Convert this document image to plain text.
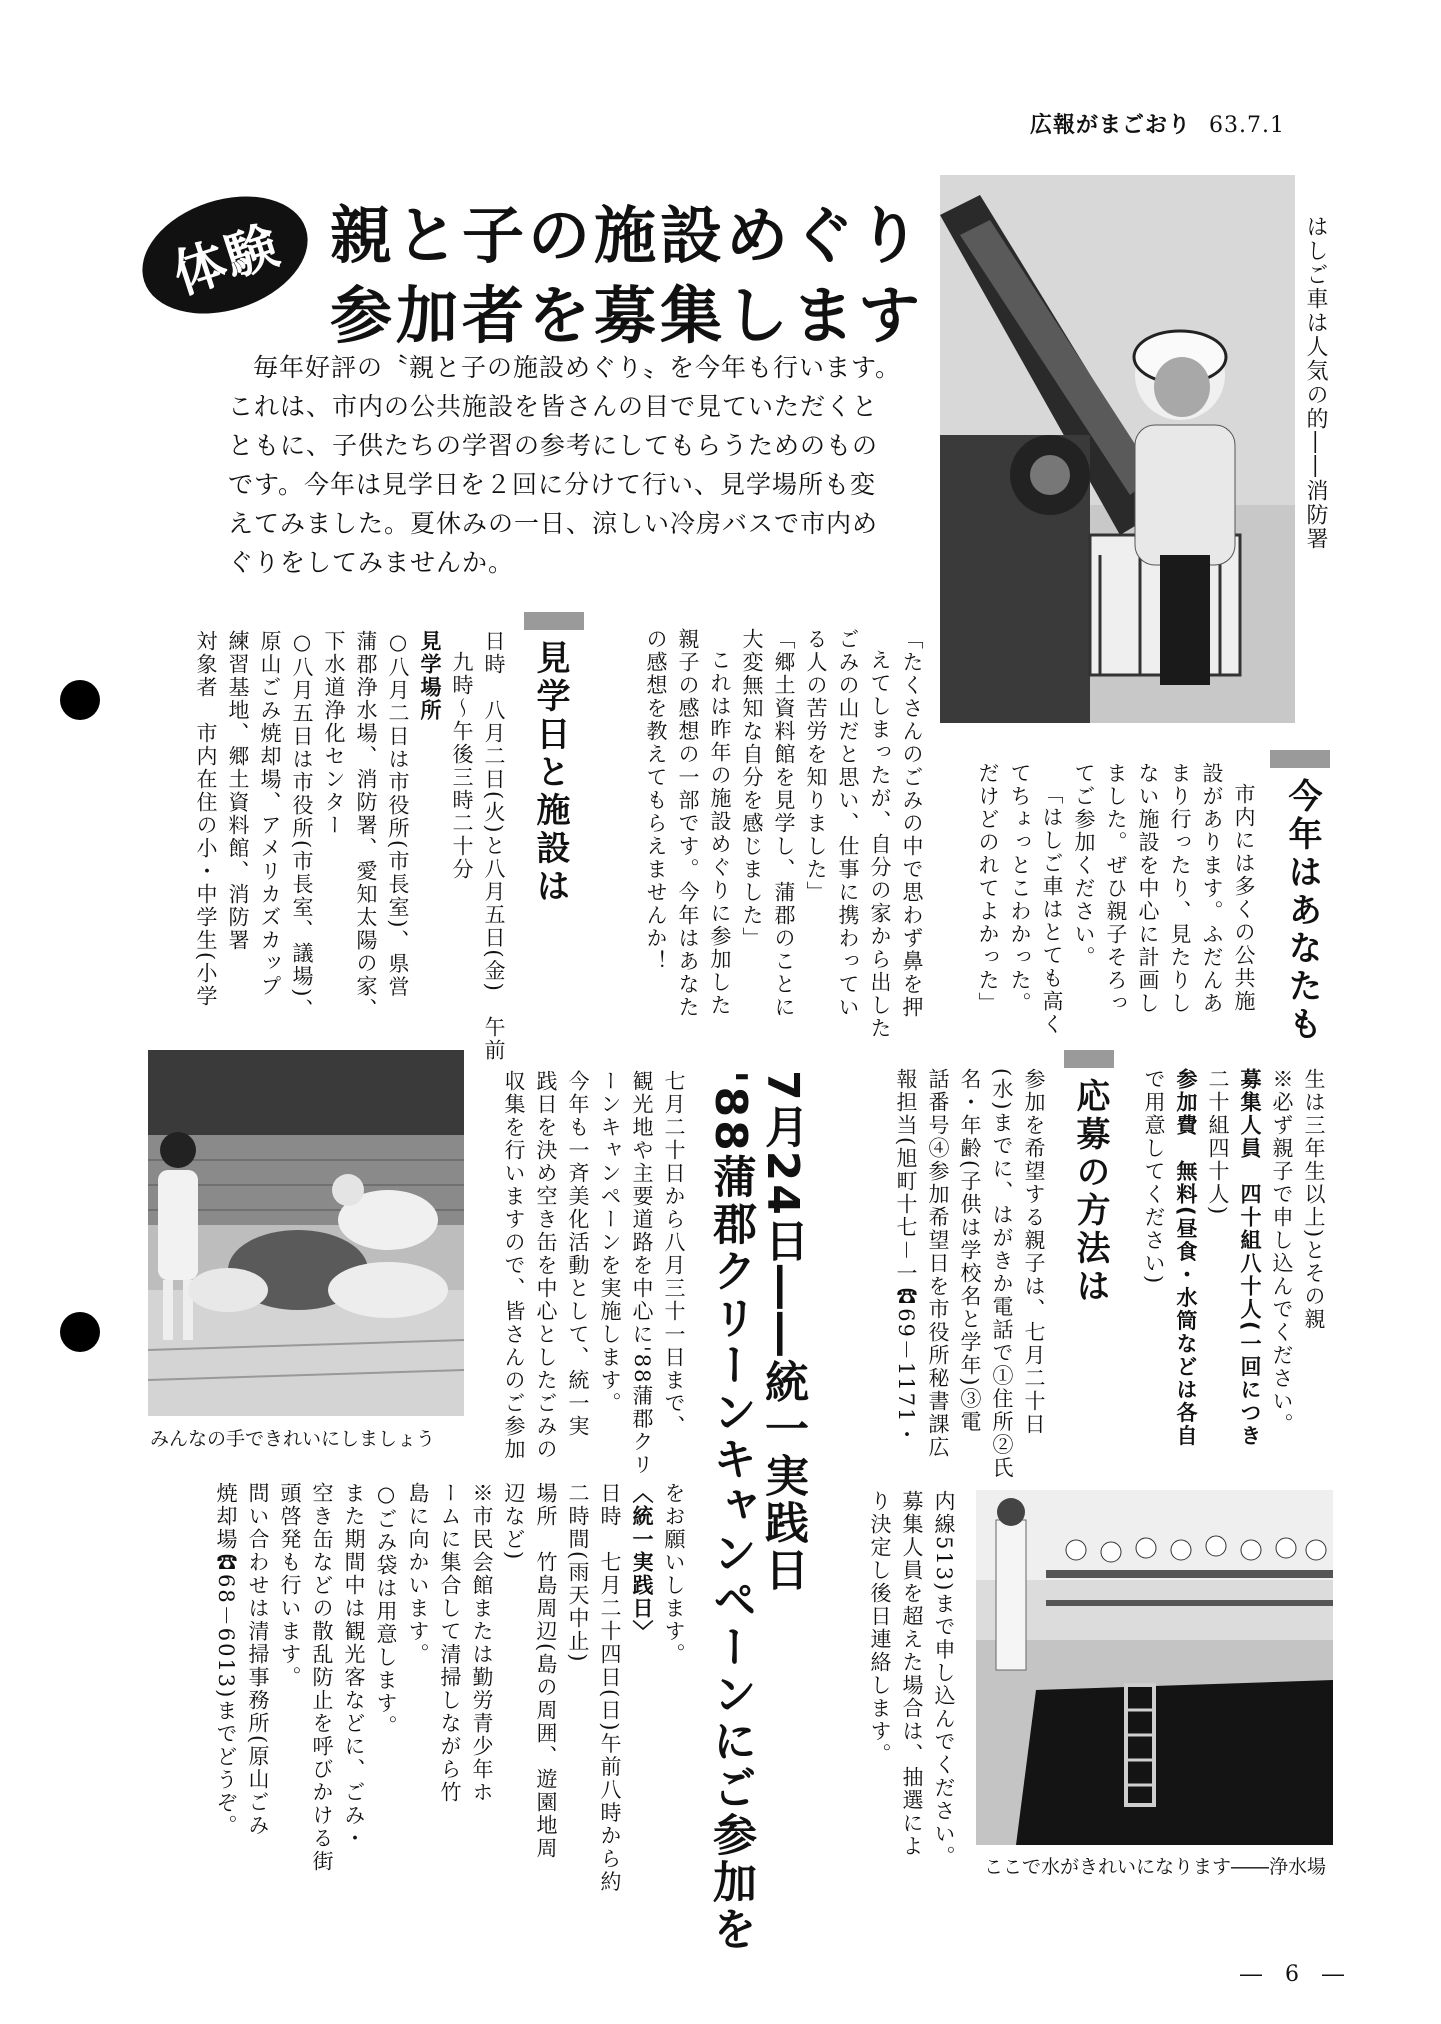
広報がまごおり 63.7.1
体験 親と子の施設めぐり
参加者を募集します

毎年好評の〝親と子の施設めぐり〟を今年も行います。

これは、市内の公共施設を皆さんの目で見ていただくと

ともに、子供たちの学習の参考にしてもらうためのもの

です。今年は見学日を２回に分けて行い、見学場所も変

えてみました。夏休みの一日、涼しい冷房バスで市内め

ぐりをしてみませんか。

はしご車は人気の的――消防署
みんなの手できれいにしましょう
ここで水がきれいになります――浄水場
見学日と施設は
日時　八月二日(火)と八月五日(金)　午前
九時～午後三時二十分
見学場所
○八月二日は市役所(市長室)、県営
蒲郡浄水場、消防署、愛知太陽の家、
下水道浄化センター
○八月五日は市役所(市長室、議場)、
原山ごみ焼却場、アメリカズカップ
練習基地、郷土資料館、消防署
対象者　市内在住の小・中学生(小学	「たくさんのごみの中で思わず鼻を押
えてしまったが、自分の家から出した
ごみの山だと思い、仕事に携わってい
る人の苦労を知りました」
「郷土資料館を見学し、蒲郡のことに
大変無知な自分を感じました」
これは昨年の施設めぐりに参加した
親子の感想の一部です。今年はあなた
の感想を教えてもらえませんか！	今年はあなたも
市内には多くの公共施
設があります。ふだんあ
まり行ったり、見たりし
ない施設を中心に計画し
ました。ぜひ親子そろっ
てご参加ください。
「はしご車はとても高く
てちょっとこわかった。
だけどのれてよかった」
応募の方法は	生は三年生以上)とその親
※必ず親子で申し込んでください。
募集人員　四十組八十人(一回につき
二十組四十人)
参加費　無料(昼食・水筒などは各自
で用意してください)
参加を希望する親子は、七月二十日
(水)までに、はがきか電話で①住所②氏
名・年齢(子供は学校名と学年)③電
話番号④参加希望日を市役所秘書課広
報担当(旭町十七－一☎69－1171・
内線513)まで申し込んでください。
募集人員を超えた場合は、抽選によ
り決定し後日連絡します。
7月24日――統一実践日
'88蒲郡クリーンキャンペーンにご参加を
七月二十日から八月三十一日まで、
観光地や主要道路を中心に'88蒲郡クリ
ーンキャンペーンを実施します。
今年も一斉美化活動として、統一実
践日を決め空き缶を中心としたごみの
収集を行いますので、皆さんのご参加
をお願いします。
〈統一実践日〉
日時　七月二十四日(日)午前八時から約
二時間(雨天中止)
場所　竹島周辺(島の周囲、遊園地周
辺など)
※市民会館または勤労青少年ホ
ームに集合して清掃しながら竹
島に向かいます。
○ごみ袋は用意します。
また期間中は観光客などに、ごみ・
空き缶などの散乱防止を呼びかける街
頭啓発も行います。
問い合わせは清掃事務所(原山ごみ
焼却場☎68－6013)までどうぞ。
― 6 ―
